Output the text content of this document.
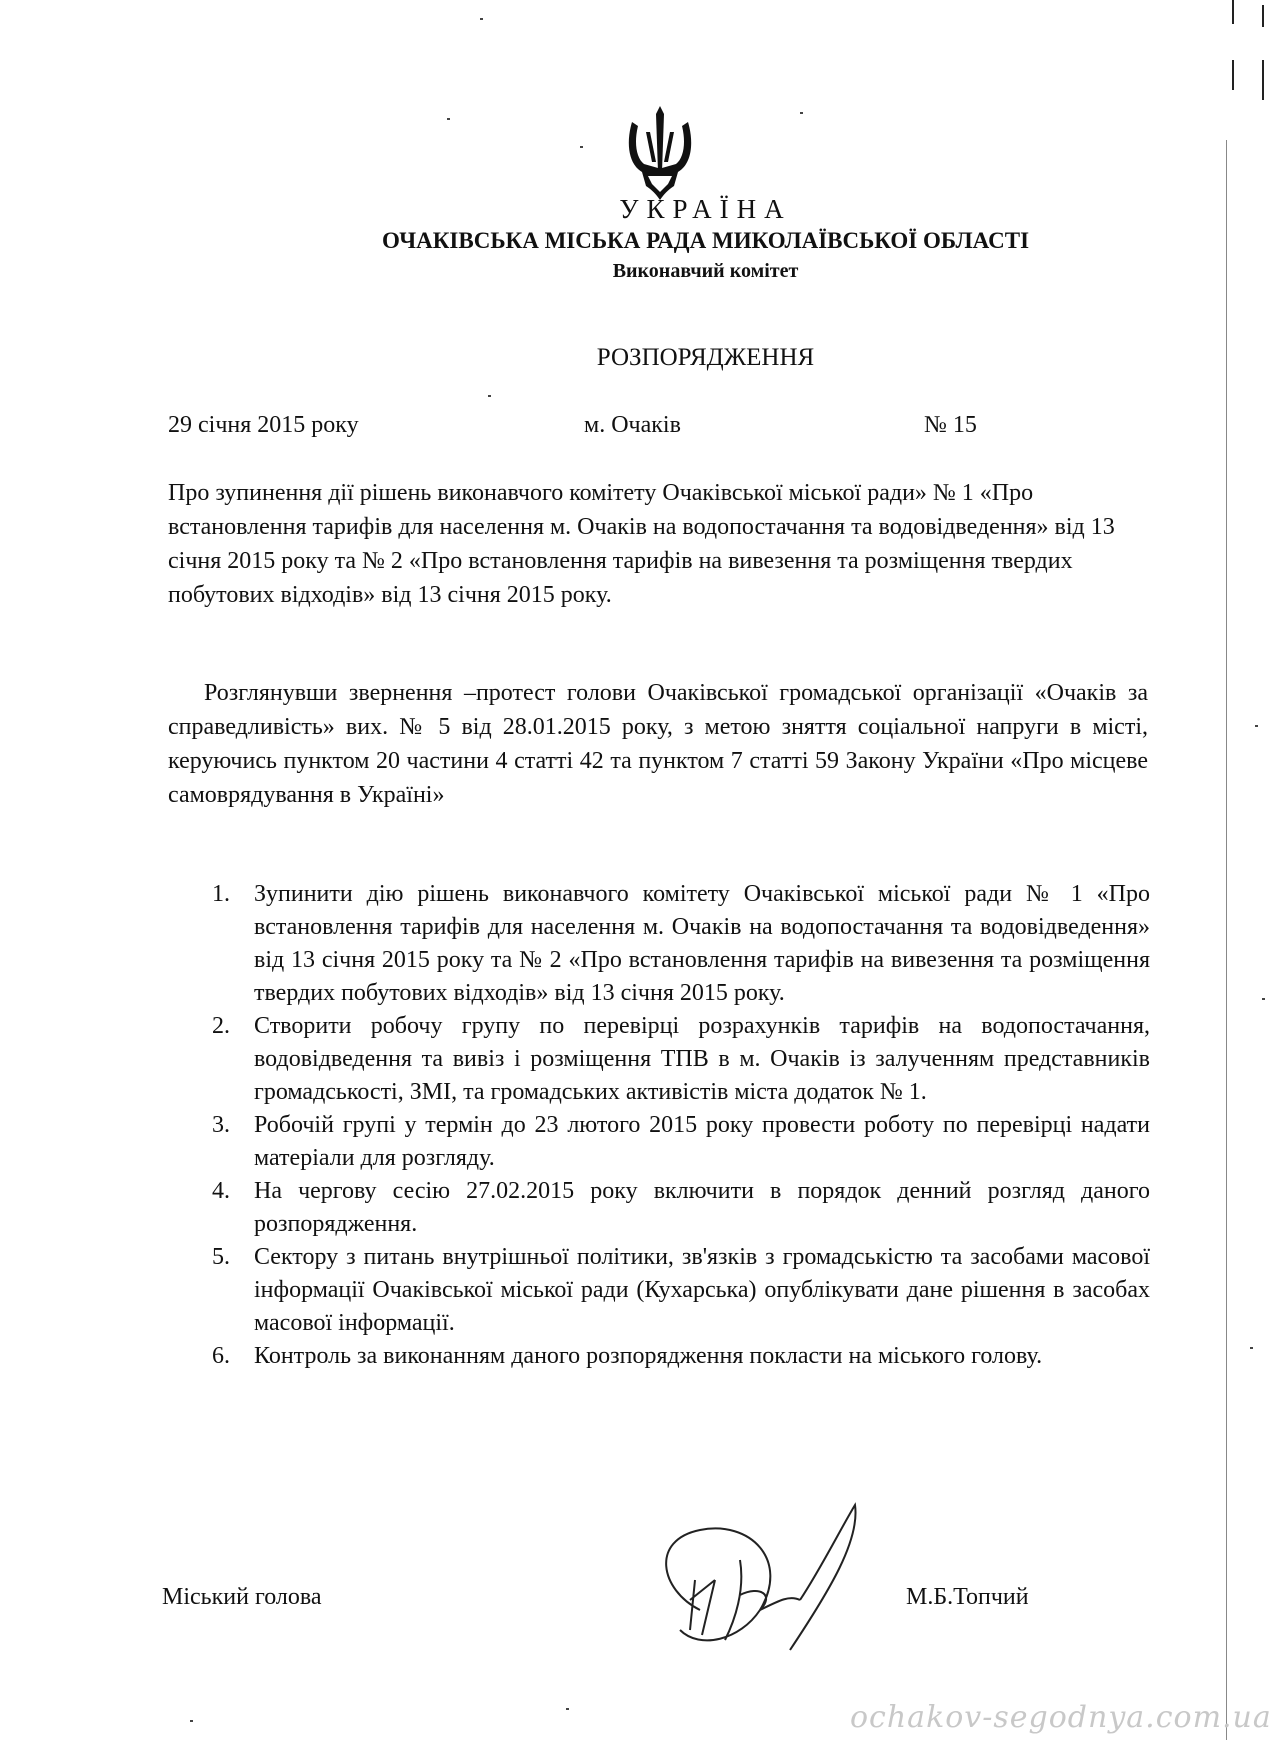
УКРАЇНА
ОЧАКІВСЬКА МІСЬКА РАДА МИКОЛАЇВСЬКОЇ ОБЛАСТІ
Виконавчий комітет
РОЗПОРЯДЖЕННЯ
29 січня 2015 року	м. Очаків	№ 15
Про зупинення дії рішень виконавчого комітету Очаківської міської ради» № 1 «Про встановлення тарифів для населення м. Очаків на водопостачання та водовідведення» від 13 січня 2015 року та № 2 «Про встановлення тарифів на вивезення та розміщення твердих побутових відходів» від 13 січня 2015 року.
Розглянувши звернення –протест голови Очаківської громадської організації «Очаків за справедливість» вих. № 5 від 28.01.2015 року, з метою зняття соціальної напруги в місті, керуючись пунктом 20 частини 4 статті 42 та пунктом 7 статті 59 Закону України «Про місцеве самоврядування в Україні»
1. Зупинити дію рішень виконавчого комітету Очаківської міської ради № 1 «Про встановлення тарифів для населення м. Очаків на водопостачання та водовідведення» від 13 січня 2015 року та № 2 «Про встановлення тарифів на вивезення та розміщення твердих побутових відходів» від 13 січня 2015 року.
2. Створити робочу групу по перевірці розрахунків тарифів на водопостачання, водовідведення та вивіз і розміщення ТПВ в м. Очаків із залученням представників громадськості, ЗМІ, та громадських активістів міста додаток № 1.
3. Робочій групі у термін до 23 лютого 2015 року провести роботу по перевірці надати матеріали для розгляду.
4. На чергову сесію 27.02.2015 року включити в порядок денний розгляд даного розпорядження.
5. Сектору з питань внутрішньої політики, зв'язків з громадськістю та засобами масової інформації Очаківської міської ради (Кухарська) опублікувати дане рішення в засобах масової інформації.
6. Контроль за виконанням даного розпорядження покласти на міського голову.
Міський голова	М.Б.Топчий
ochakov-segodnya.com.ua
